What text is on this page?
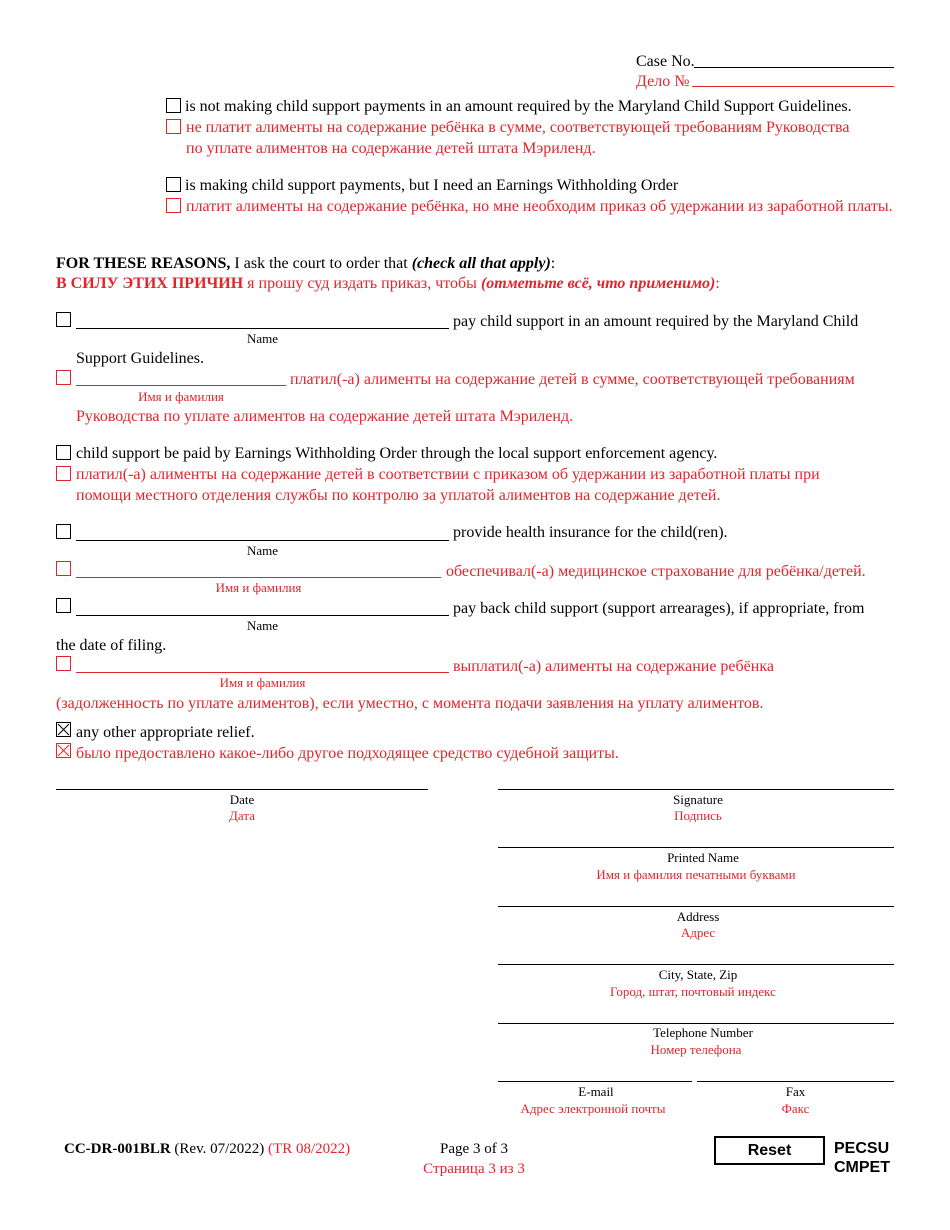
Case No.
Дело №
is not making child support payments in an amount required by the Maryland Child Support Guidelines.
не платит алименты на содержание ребёнка в сумме, соответствующей требованиям Руководства
по уплате алиментов на содержание детей штата Мэриленд.
is making child support payments, but I need an Earnings Withholding Order
платит алименты на содержание ребёнка, но мне необходим приказ об удержании из заработной платы.
FOR THESE REASONS, I ask the court to order that (check all that apply):
В СИЛУ ЭТИХ ПРИЧИН я прошу суд издать приказ, чтобы (отметьте всё, что применимо):
Name
pay child support in an amount required by the Maryland Child
Support Guidelines.
Имя и фамилия
платил(-а) алименты на содержание детей в сумме, соответствующей требованиям
Руководства по уплате алиментов на содержание детей штата Мэриленд.
child support be paid by Earnings Withholding Order through the local support enforcement agency.
платил(-а) алименты на содержание детей в соответствии с приказом об удержании из заработной платы при
помощи местного отделения службы по контролю за уплатой алиментов на содержание детей.
Name
provide health insurance for the child(ren).
Имя и фамилия
обеспечивал(-а) медицинское страхование для ребёнка/детей.
Name
pay back child support (support arrearages), if appropriate, from
the date of filing.
Имя и фамилия
выплатил(-а) алименты на содержание ребёнка
(задолженность по уплате алиментов), если уместно, с момента подачи заявления на уплату алиментов.
any other appropriate relief.
было предоставлено какое-либо другое подходящее средство судебной защиты.
Date
Дата
Signature
Подпись
Printed Name
Имя и фамилия печатными буквами
Address
Адрес
City, State, Zip
Город, штат, почтовый индекс
Telephone Number
Номер телефона
E-mail
Адрес электронной почты
Fax
Факс
CC-DR-001BLR (Rev. 07/2022) (TR 08/2022)	Page 3 of 3
Страница 3 из 3
Reset	PECSU
CMPET
